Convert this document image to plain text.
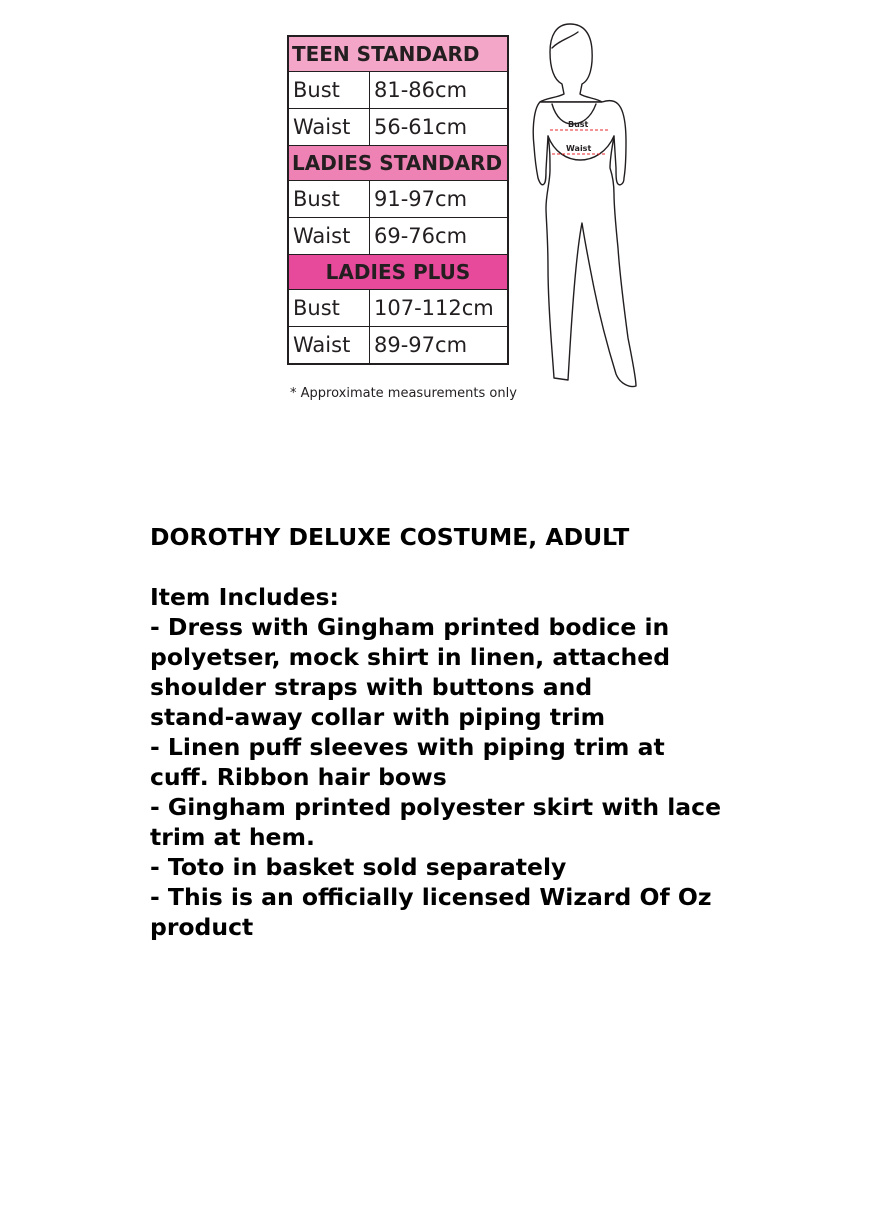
TEEN STANDARD	
Bust	81-86cm
Waist	56-61cm
LADIES STANDARD	
Bust	91-97cm
Waist	69-76cm
LADIES PLUS	
Bust	107-112cm
Waist	89-97cm
* Approximate measurements only
Bust
Waist
DOROTHY DELUXE COSTUME, ADULT
Item Includes:
- Dress with Gingham printed bodice in
polyetser, mock shirt in linen, attached
shoulder straps with buttons and
stand-away collar with piping trim
- Linen puff sleeves with piping trim at
cuff. Ribbon hair bows
- Gingham printed polyester skirt with lace
trim at hem.
- Toto in basket sold separately
- This is an officially licensed Wizard Of Oz
product
